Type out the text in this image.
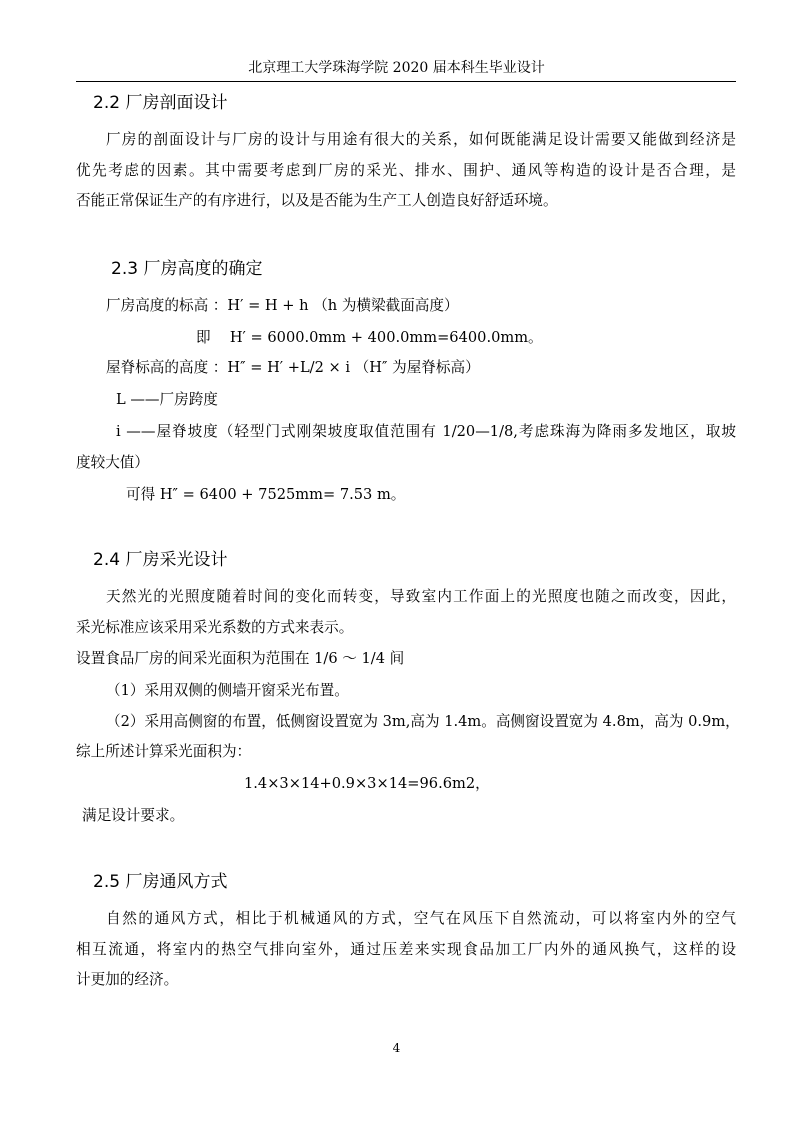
北京理工大学珠海学院 2020 届本科生毕业设计
2.2 厂房剖面设计
厂房的剖面设计与厂房的设计与用途有很大的关系，如何既能满足设计需要又能做到经济是
优先考虑的因素。其中需要考虑到厂房的采光、排水、围护、通风等构造的设计是否合理，是
否能正常保证生产的有序进行，以及是否能为生产工人创造良好舒适环境。
2.3 厂房高度的确定
厂房高度的标高 ：H′ = H + h （h 为横梁截面高度）
即　 H′ = 6000.0mm + 400.0mm=6400.0mm。
屋脊标高的高度 ：H″ = H′ +L/2 × i （H″ 为屋脊标高）
L ——厂房跨度
i ——屋脊坡度（轻型门式刚架坡度取值范围有 1/20—1/8,考虑珠海为降雨多发地区，取坡
度较大值）
可得 H″ = 6400 + 7525mm= 7.53 m。
2.4 厂房采光设计
天然光的光照度随着时间的变化而转变，导致室内工作面上的光照度也随之而改变，因此，
采光标准应该采用采光系数的方式来表示。
设置食品厂房的间采光面积为范围在 1/6 ～ 1/4 间
（1）采用双侧的侧墙开窗采光布置。
（2）采用高侧窗的布置，低侧窗设置宽为 3m,高为 1.4m。高侧窗设置宽为 4.8m，高为 0.9m，
综上所述计算采光面积为：
1.4×3×14+0.9×3×14=96.6m2，
满足设计要求。
2.5 厂房通风方式
自然的通风方式，相比于机械通风的方式，空气在风压下自然流动，可以将室内外的空气
相互流通，将室内的热空气排向室外，通过压差来实现食品加工厂内外的通风换气，这样的设
计更加的经济。
4
